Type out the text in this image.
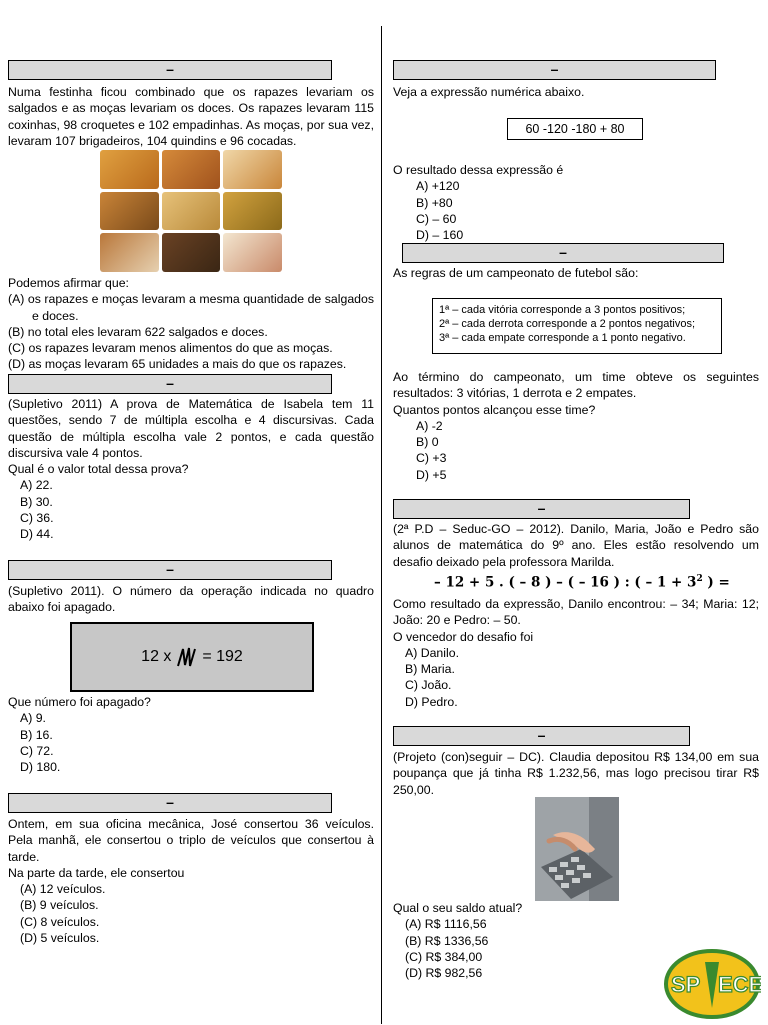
–

Numa festinha ficou combinado que os rapazes levariam os salgados e as moças levariam os doces. Os rapazes levaram 115 coxinhas, 98 croquetes e 102 empadinhas. As moças, por sua vez, levaram 107 brigadeiros, 104 quindins e 96 cocadas.

Podemos afirmar que:

(A) os rapazes e moças levaram a mesma quantidade de salgados e doces.

(B) no total eles levaram 622 salgados e doces.

(C) os rapazes levaram menos alimentos do que as moças.

(D) as moças levaram 65 unidades a mais do que os rapazes.

–

(Supletivo 2011) A prova de Matemática de Isabela tem 11 questões, sendo 7 de múltipla escolha e 4 discursivas. Cada questão de múltipla escolha vale 2 pontos, e cada questão discursiva vale 4 pontos.

Qual é o valor total dessa prova?

A) 22.

B) 30.

C) 36.

D) 44.

–

(Supletivo 2011). O número da operação indicada no quadro abaixo foi apagado.

12 x = 192

Que número foi apagado?

A) 9.

B) 16.

C) 72.

D) 180.

–

Ontem, em sua oficina mecânica, José consertou 36 veículos. Pela manhã, ele consertou o triplo de veículos que consertou à tarde.

Na parte da tarde, ele consertou

(A) 12 veículos.

(B) 9 veículos.

(C) 8 veículos.

(D) 5 veículos.

–

Veja a expressão numérica abaixo.

60 -120 -180 + 80

O resultado dessa expressão é

A) +120

B) +80

C) – 60

D) – 160

–

As regras de um campeonato de futebol são:

1ª – cada vitória corresponde a 3 pontos positivos;
2ª – cada derrota corresponde a 2 pontos negativos;
3ª – cada empate corresponde a 1 ponto negativo.

Ao término do campeonato, um time obteve os seguintes resultados: 3 vitórias, 1 derrota e 2 empates.

Quantos pontos alcançou esse time?

A) -2

B) 0

C) +3

D) +5

–

(2ª P.D – Seduc-GO – 2012). Danilo, Maria, João e Pedro são alunos de matemática do 9º ano. Eles estão resolvendo um desafio deixado pela professora Marilda.

– 12 + 5 . ( – 8 ) – ( – 16 ) : ( – $1 + 3^2$ ) =

Como resultado da expressão, Danilo encontrou: – 34; Maria: 12; João: 20 e Pedro: – 50.

O vencedor do desafio foi

A) Danilo.

B) Maria.

C) João.

D) Pedro.

–

(Projeto (con)seguir – DC). Claudia depositou R$ 134,00 em sua poupança que já tinha R$ 1.232,56, mas logo precisou tirar R$ 250,00.

Qual o seu saldo atual?

(A) R$ 1116,56

(B) R$ 1336,56

(C) R$ 384,00

(D) R$ 982,56	SP ECE
